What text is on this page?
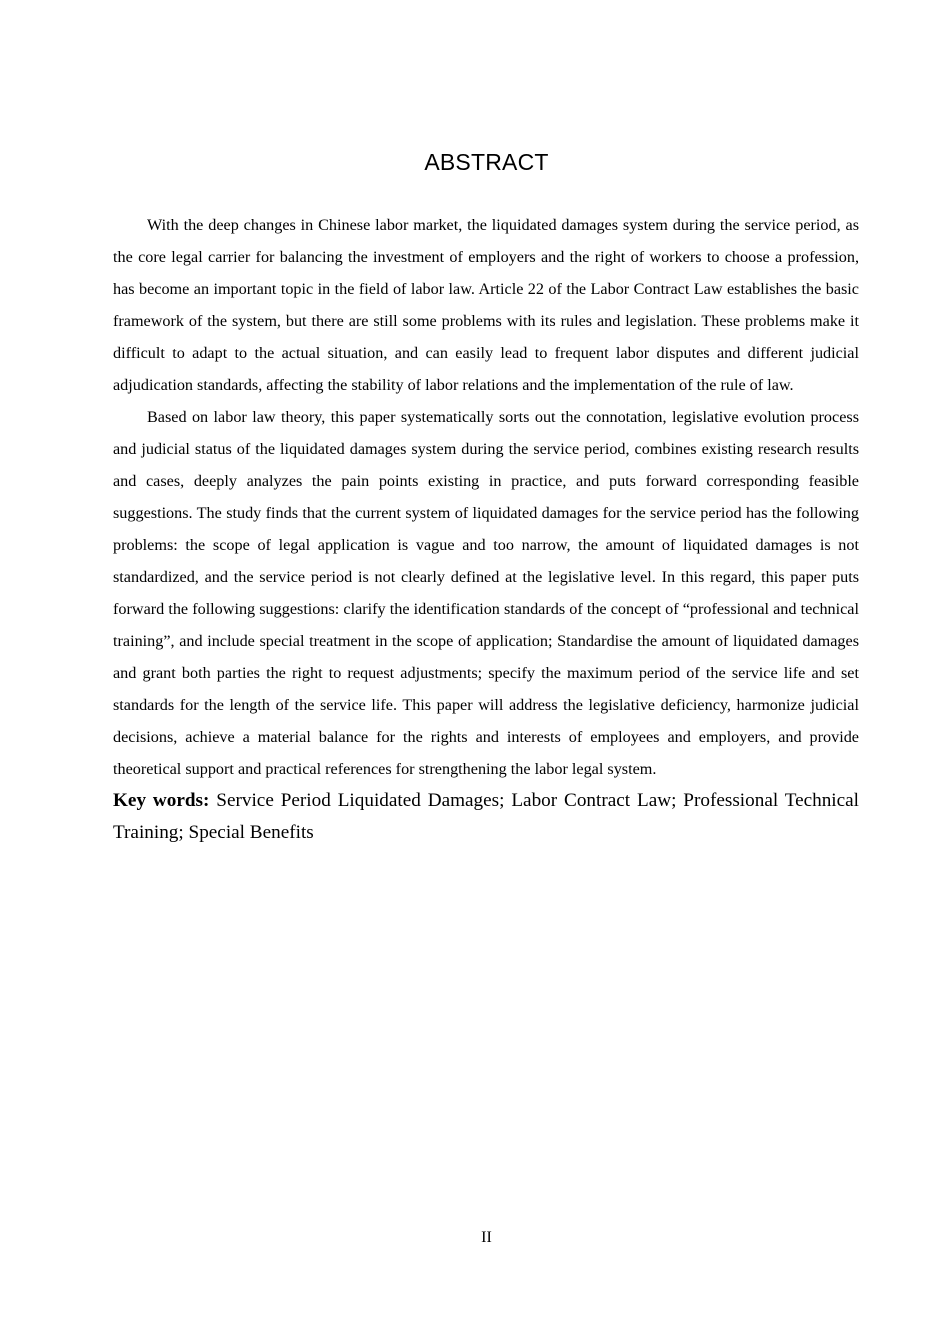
ABSTRACT

With the deep changes in Chinese labor market, the liquidated damages system during the service period, as the core legal carrier for balancing the investment of employers and the right of workers to choose a profession, has become an important topic in the field of labor law. Article 22 of the Labor Contract Law establishes the basic framework of the system, but there are still some problems with its rules and legislation. These problems make it difficult to adapt to the actual situation, and can easily lead to frequent labor disputes and different judicial adjudication standards, affecting the stability of labor relations and the implementation of the rule of law.

Based on labor law theory, this paper systematically sorts out the connotation, legislative evolution process and judicial status of the liquidated damages system during the service period, combines existing research results and cases, deeply analyzes the pain points existing in practice, and puts forward corresponding feasible suggestions. The study finds that the current system of liquidated damages for the service period has the following problems: the scope of legal application is vague and too narrow, the amount of liquidated damages is not standardized, and the service period is not clearly defined at the legislative level. In this regard, this paper puts forward the following suggestions: clarify the identification standards of the concept of “professional and technical training”, and include special treatment in the scope of application; Standardise the amount of liquidated damages and grant both parties the right to request adjustments; specify the maximum period of the service life and set standards for the length of the service life. This paper will address the legislative deficiency, harmonize judicial decisions, achieve a material balance for the rights and interests of employees and employers, and provide theoretical support and practical references for strengthening the labor legal system.

Key words: Service Period Liquidated Damages; Labor Contract Law; Professional Technical Training; Special Benefits

II
